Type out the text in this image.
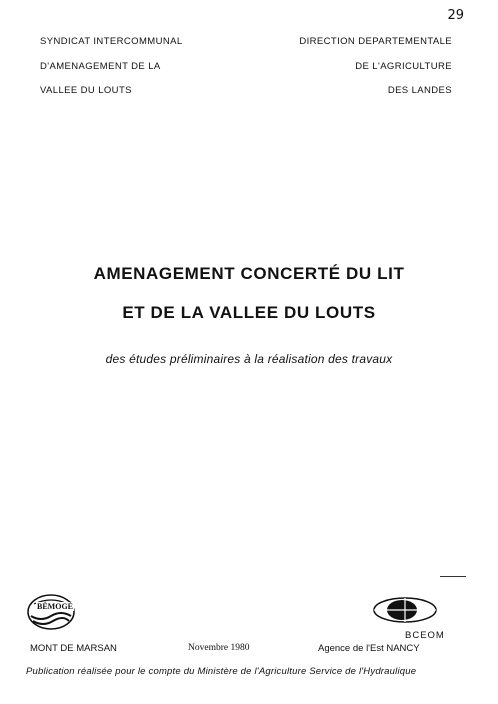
29
SYNDICAT INTERCOMMUNAL
D'AMENAGEMENT DE LA
VALLEE DU LOUTS
DIRECTION DEPARTEMENTALE
DE L'AGRICULTURE
DES LANDES
AMENAGEMENT CONCERTÉ DU LIT
ET DE LA VALLEE DU LOUTS
des études préliminaires à la réalisation des travaux
BÉMOGÉ
BCEOM
MONT DE MARSAN	Novembre 1980	Agence de l'Est NANCY
Publication réalisée pour le compte du Ministère de l'Agriculture Service de l'Hydraulique
